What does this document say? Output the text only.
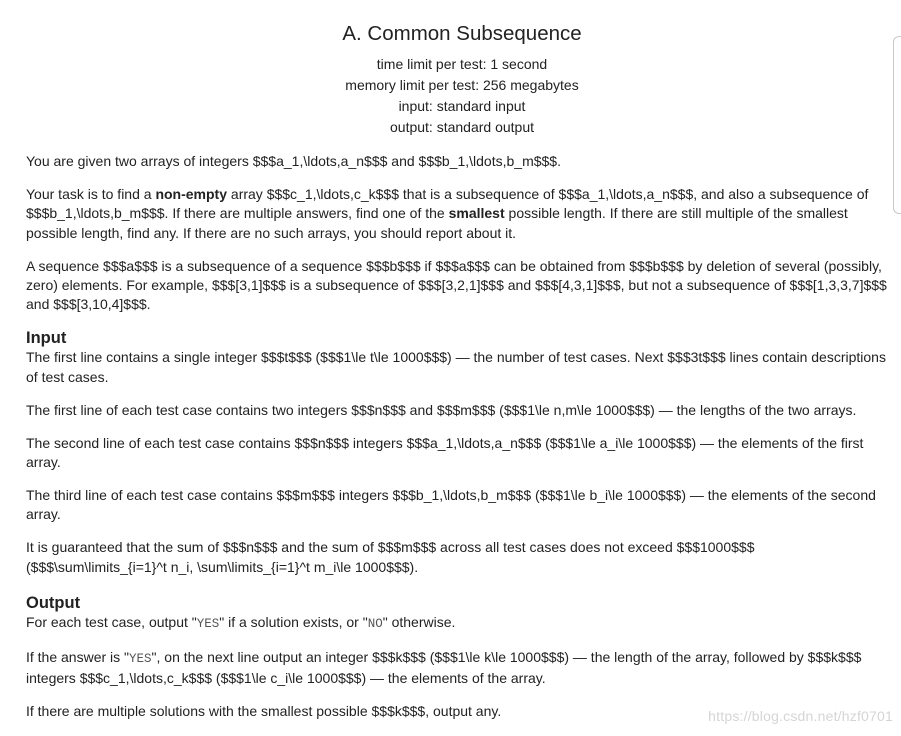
A. Common Subsequence
time limit per test: 1 second
memory limit per test: 256 megabytes
input: standard input
output: standard output

You are given two arrays of integers $$$a_1,\ldots,a_n$$$ and $$$b_1,\ldots,b_m$$$.

Your task is to find a non-empty array $$$c_1,\ldots,c_k$$$ that is a subsequence of $$$a_1,\ldots,a_n$$$, and also a subsequence of $$$b_1,\ldots,b_m$$$. If there are multiple answers, find one of the smallest possible length. If there are still multiple of the smallest possible length, find any. If there are no such arrays, you should report about it.

A sequence $$$a$$$ is a subsequence of a sequence $$$b$$$ if $$$a$$$ can be obtained from $$$b$$$ by deletion of several (possibly, zero) elements. For example, $$$[3,1]$$$ is a subsequence of $$$[3,2,1]$$$ and $$$[4,3,1]$$$, but not a subsequence of $$$[1,3,3,7]$$$ and $$$[3,10,4]$$$.

Input

The first line contains a single integer $$$t$$$ ($$$1\le t\le 1000$$$) — the number of test cases. Next $$$3t$$$ lines contain descriptions of test cases.

The first line of each test case contains two integers $$$n$$$ and $$$m$$$ ($$$1\le n,m\le 1000$$$) — the lengths of the two arrays.

The second line of each test case contains $$$n$$$ integers $$$a_1,\ldots,a_n$$$ ($$$1\le a_i\le 1000$$$) — the elements of the first array.

The third line of each test case contains $$$m$$$ integers $$$b_1,\ldots,b_m$$$ ($$$1\le b_i\le 1000$$$) — the elements of the second array.

It is guaranteed that the sum of $$$n$$$ and the sum of $$$m$$$ across all test cases does not exceed $$$1000$$$ ($$$\sum\limits_{i=1}^t n_i, \sum\limits_{i=1}^t m_i\le 1000$$$).

Output

For each test case, output "YES" if a solution exists, or "NO" otherwise.

If the answer is "YES", on the next line output an integer $$$k$$$ ($$$1\le k\le 1000$$$) — the length of the array, followed by $$$k$$$ integers $$$c_1,\ldots,c_k$$$ ($$$1\le c_i\le 1000$$$) — the elements of the array.

If there are multiple solutions with the smallest possible $$$k$$$, output any.	https://blog.csdn.net/hzf0701
